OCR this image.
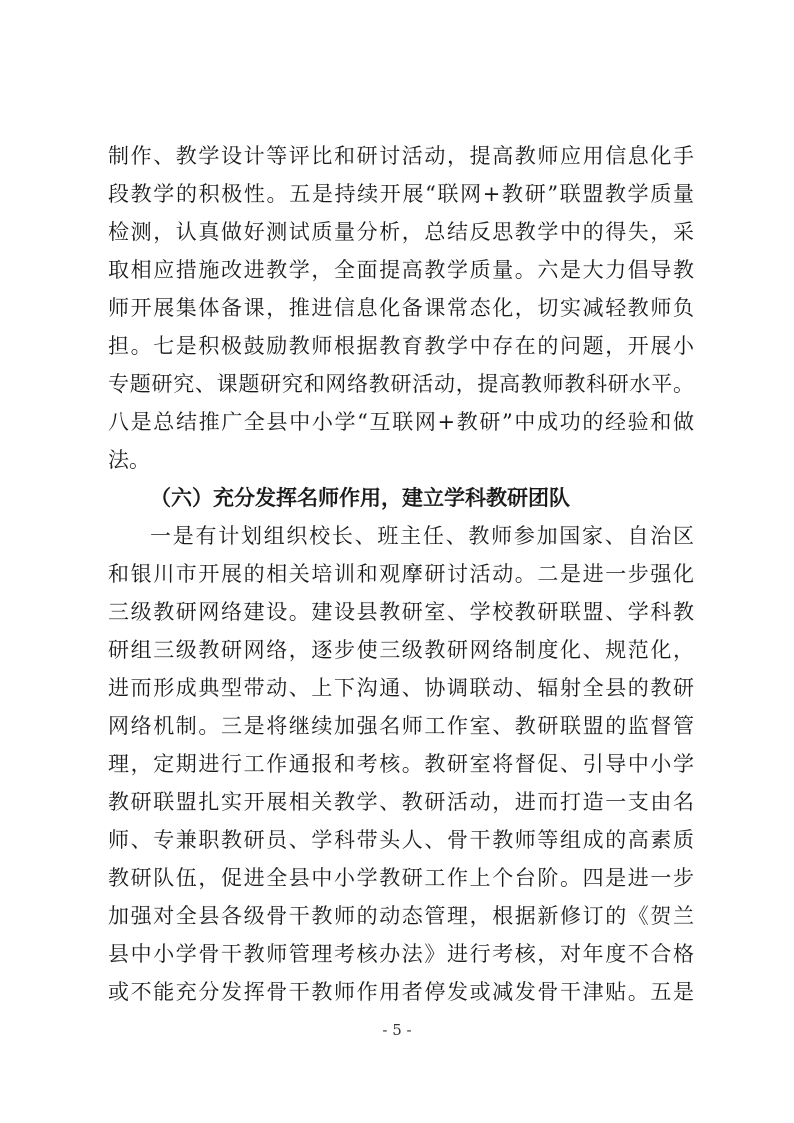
制作、教学设计等评比和研讨活动，提高教师应用信息化手
段教学的积极性。五是持续开展“联网+教研”联盟教学质量
检测，认真做好测试质量分析，总结反思教学中的得失，采
取相应措施改进教学，全面提高教学质量。六是大力倡导教
师开展集体备课，推进信息化备课常态化，切实减轻教师负
担。七是积极鼓励教师根据教育教学中存在的问题，开展小
专题研究、课题研究和网络教研活动，提高教师教科研水平。
八是总结推广全县中小学“互联网+教研”中成功的经验和做
法。
（六）充分发挥名师作用，建立学科教研团队
一是有计划组织校长、班主任、教师参加国家、自治区
和银川市开展的相关培训和观摩研讨活动。二是进一步强化
三级教研网络建设。建设县教研室、学校教研联盟、学科教
研组三级教研网络，逐步使三级教研网络制度化、规范化，
进而形成典型带动、上下沟通、协调联动、辐射全县的教研
网络机制。三是将继续加强名师工作室、教研联盟的监督管
理，定期进行工作通报和考核。教研室将督促、引导中小学
教研联盟扎实开展相关教学、教研活动，进而打造一支由名
师、专兼职教研员、学科带头人、骨干教师等组成的高素质
教研队伍，促进全县中小学教研工作上个台阶。四是进一步
加强对全县各级骨干教师的动态管理，根据新修订的《贺兰
县中小学骨干教师管理考核办法》进行考核，对年度不合格
或不能充分发挥骨干教师作用者停发或减发骨干津贴。五是
- 5 -
